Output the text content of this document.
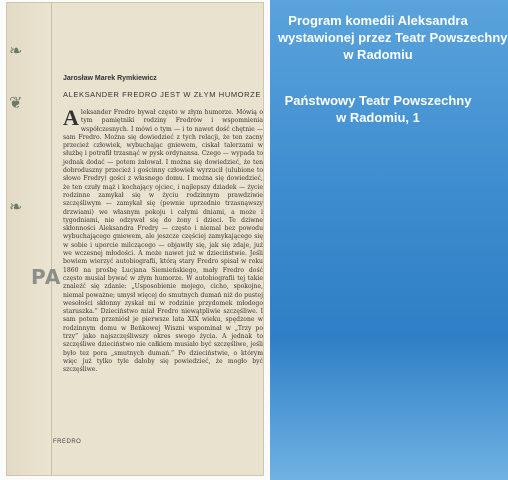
❧
❦
❧
PA
FREDRO
Jarosław Marek Rymkiewicz
ALEKSANDER FREDRO JEST W ZŁYM HUMORZE
Aleksander Fredro bywał często w złym humorze. Mówią o tym pamiętniki rodziny Fredrów i wspomnienia współczesnych. I mówi o tym — i to nawet dość chętnie — sam Fredro. Można się dowiedzieć z tych relacji, że ten zacny przecież człowiek, wybuchając gniewem, ciskał talerzami w służbę i potrafił trzasnąć w pysk ordynansa. Czego — wypada to jednak dodać — potem żałował. I można się dowiedzieć, że ten dobroduszny przecież i gościnny człowiek wyrzucił (ulubione to słowo Fredry) gości z własnego domu. I można się dowiedzieć, że ten czuły mąż i kochający ojciec, i najlepszy dziadek — życie rodzinne zamykał się w życiu rodzinnym prawdziwie szczęśliwym — zamykał się (pewnie uprzednio trzasnąwszy drzwiami) we własnym pokoju i całymi dniami, a może i tygodniami, nie odzywał się do żony i dzieci. Te dziwne skłonności Aleksandra Fredry — często i niemal bez powodu wybuchającego gniewem, ale jeszcze częściej zamykającego się w sobie i uporcie milczącego — objawiły się, jak się zdaje, już we wczesnej młodości. A może nawet już w dzieciństwie. Jeśli bowiem wierzyć autobiografii, którą stary Fredro spisał w roku 1860 na prośbę Lucjana Siemieńskiego, mały Fredro dość często musiał bywać w złym humorze. W autobiografii tej takie znaleźć się zdanie: „Usposobienie mojego, cicho, spokojne, niemal poważne; umysł więcej do smutnych dumań niż do pustej wesołości skłonny zyskał mi w rodzinie przydomek młodego staruszka.” Dzieciństwo miał Fredro niewątpliwie szczęśliwe. I sam potem przeniósł je pierwsze lata XIX wieku, spędzone w rodzinnym domu w Beńkowej Wiszni wspominał w „Trzy po trzy” jako najszczęśliwszy okres swego życia. A jednak to szczęśliwe dzieciństwo nie całkiem musiało być szczęśliwe, jeśli było tez pora „smutnych dumań.” Po dzieciństwie, o którym więc już tylko tyle dałoby się powiedzieć, że mogło być szczęśliwe.
Program komedii Aleksandra
wystawionej przez Teatr Powszechny
w Radomiu
Państwowy Teatr Powszechny
w Radomiu, 1
